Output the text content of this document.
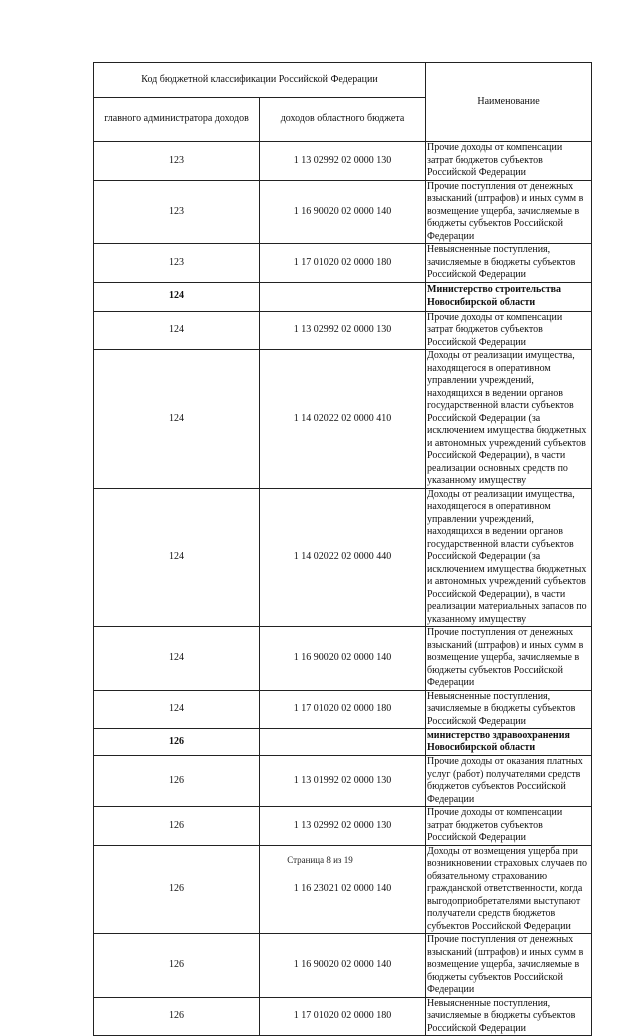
Код бюджетной классификации Российской Федерации		Наименование
главного администратора доходов	доходов областного бюджета	
123	1 13 02992 02 0000 130	Прочие доходы от компенсации затрат бюджетов субъектов Российской Федерации
123	1 16 90020 02 0000 140	Прочие поступления от денежных взысканий (штрафов) и иных сумм в возмещение ущерба, зачисляемые в бюджеты субъектов Российской Федерации
123	1 17 01020 02 0000 180	Невыясненные поступления, зачисляемые в бюджеты субъектов Российской Федерации
124		Министерство строительства Новосибирской области
124	1 13 02992 02 0000 130	Прочие доходы от компенсации затрат бюджетов субъектов Российской Федерации
124	1 14 02022 02 0000 410	Доходы от реализации имущества, находящегося в оперативном управлении учреждений, находящихся в ведении органов государственной власти субъектов Российской Федерации (за исключением имущества бюджетных и автономных учреждений субъектов Российской Федерации), в части реализации основных средств по указанному имуществу
124	1 14 02022 02 0000 440	Доходы от реализации имущества, находящегося в оперативном управлении учреждений, находящихся в ведении органов государственной власти субъектов Российской Федерации (за исключением имущества бюджетных и автономных учреждений субъектов Российской Федерации), в части реализации материальных запасов по указанному имуществу
124	1 16 90020 02 0000 140	Прочие поступления от денежных взысканий (штрафов) и иных сумм в возмещение ущерба, зачисляемые в бюджеты субъектов Российской Федерации
124	1 17 01020 02 0000 180	Невыясненные поступления, зачисляемые в бюджеты субъектов Российской Федерации
126		министерство здравоохранения Новосибирской области
126	1 13 01992 02 0000 130	Прочие доходы от оказания платных услуг (работ) получателями средств бюджетов субъектов Российской Федерации
126	1 13 02992 02 0000 130	Прочие доходы от компенсации затрат бюджетов субъектов Российской Федерации
126	1 16 23021 02 0000 140	Доходы от возмещения ущерба при возникновении страховых случаев по обязательному страхованию гражданской ответственности, когда выгодоприобретателями выступают получатели средств бюджетов субъектов Российской Федерации
126	1 16 90020 02 0000 140	Прочие поступления от денежных взысканий (штрафов) и иных сумм в возмещение ущерба, зачисляемые в бюджеты субъектов Российской Федерации
126	1 17 01020 02 0000 180	Невыясненные поступления, зачисляемые в бюджеты субъектов Российской Федерации
Страница 8 из 19
